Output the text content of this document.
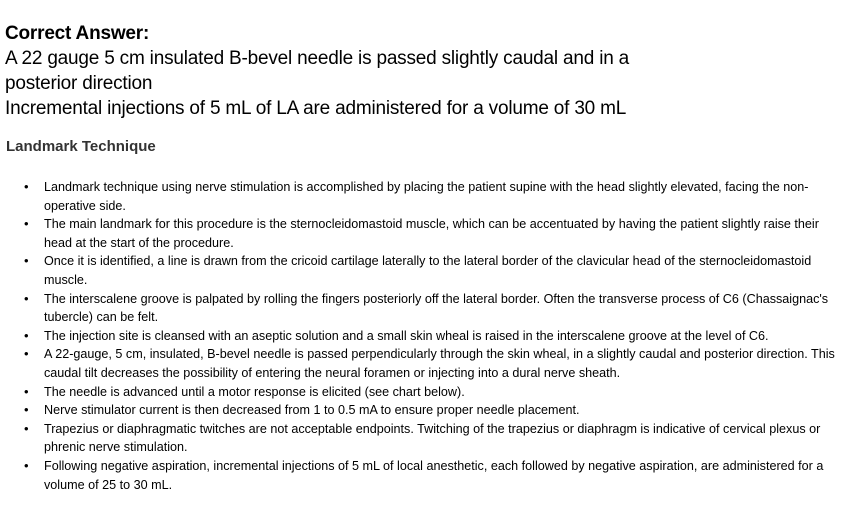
Correct Answer:

A 22 gauge 5 cm insulated B-bevel needle is passed slightly caudal and in a

posterior direction

Incremental injections of 5 mL of LA are administered for a volume of 30 mL

Landmark Technique
• Landmark technique using nerve stimulation is accomplished by placing the patient supine with the head slightly elevated, facing the non-operative side.
• The main landmark for this procedure is the sternocleidomastoid muscle, which can be accentuated by having the patient slightly raise their head at the start of the procedure.
• Once it is identified, a line is drawn from the cricoid cartilage laterally to the lateral border of the clavicular head of the sternocleidomastoid muscle.
• The interscalene groove is palpated by rolling the fingers posteriorly off the lateral border. Often the transverse process of C6 (Chassaignac's tubercle) can be felt.
• The injection site is cleansed with an aseptic solution and a small skin wheal is raised in the interscalene groove at the level of C6.
• A 22-gauge, 5 cm, insulated, B-bevel needle is passed perpendicularly through the skin wheal, in a slightly caudal and posterior direction. This caudal tilt decreases the possibility of entering the neural foramen or injecting into a dural nerve sheath.
• The needle is advanced until a motor response is elicited (see chart below).
• Nerve stimulator current is then decreased from 1 to 0.5 mA to ensure proper needle placement.
• Trapezius or diaphragmatic twitches are not acceptable endpoints. Twitching of the trapezius or diaphragm is indicative of cervical plexus or phrenic nerve stimulation.
• Following negative aspiration, incremental injections of 5 mL of local anesthetic, each followed by negative aspiration, are administered for a volume of 25 to 30 mL.
